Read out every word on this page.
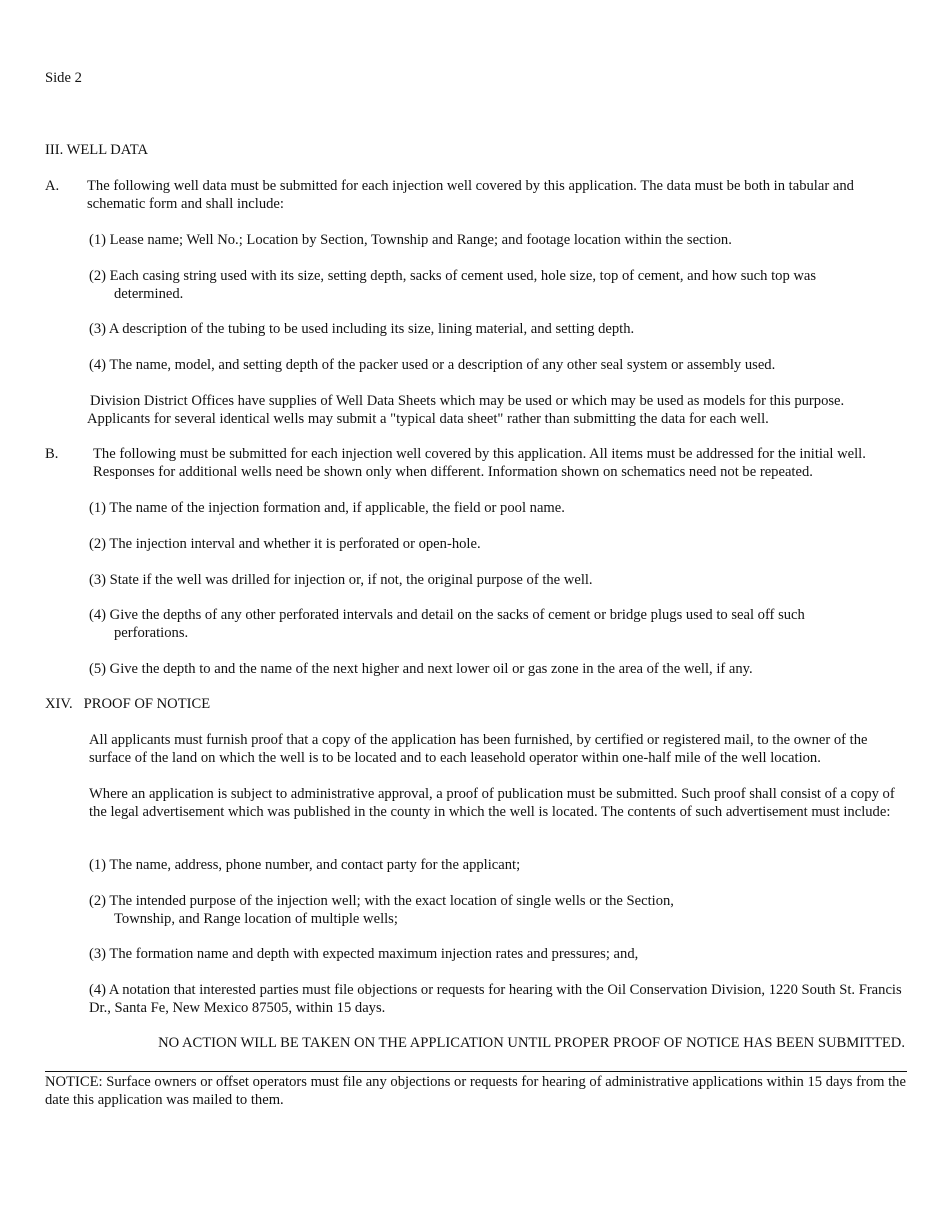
Side 2
III. WELL DATA
A. The following well data must be submitted for each injection well covered by this application. The data must be both in tabular and schematic form and shall include:
(1) Lease name; Well No.; Location by Section, Township and Range; and footage location within the section.
(2) Each casing string used with its size, setting depth, sacks of cement used, hole size, top of cement, and how such top was
determined.
(3) A description of the tubing to be used including its size, lining material, and setting depth.
(4) The name, model, and setting depth of the packer used or a description of any other seal system or assembly used.
Division District Offices have supplies of Well Data Sheets which may be used or which may be used as models for this purpose.
Applicants for several identical wells may submit a "typical data sheet" rather than submitting the data for each well.
B. The following must be submitted for each injection well covered by this application. All items must be addressed for the initial well. Responses for additional wells need be shown only when different. Information shown on schematics need not be repeated.
(1) The name of the injection formation and, if applicable, the field or pool name.
(2) The injection interval and whether it is perforated or open-hole.
(3) State if the well was drilled for injection or, if not, the original purpose of the well.
(4) Give the depths of any other perforated intervals and detail on the sacks of cement or bridge plugs used to seal off such
perforations.
(5) Give the depth to and the name of the next higher and next lower oil or gas zone in the area of the well, if any.
XIV.   PROOF OF NOTICE
All applicants must furnish proof that a copy of the application has been furnished, by certified or registered mail, to the owner of the surface of the land on which the well is to be located and to each leasehold operator within one-half mile of the well location.
Where an application is subject to administrative approval, a proof of publication must be submitted. Such proof shall consist of a copy of the legal advertisement which was published in the county in which the well is located. The contents of such advertisement must include:
(1) The name, address, phone number, and contact party for the applicant;
(2) The intended purpose of the injection well; with the exact location of single wells or the Section,
Township, and Range location of multiple wells;
(3) The formation name and depth with expected maximum injection rates and pressures; and,
(4) A notation that interested parties must file objections or requests for hearing with the Oil Conservation Division, 1220 South St. Francis Dr., Santa Fe, New Mexico 87505, within 15 days.
NO ACTION WILL BE TAKEN ON THE APPLICATION UNTIL PROPER PROOF OF NOTICE HAS BEEN SUBMITTED.
NOTICE: Surface owners or offset operators must file any objections or requests for hearing of administrative applications within 15 days from the date this application was mailed to them.
